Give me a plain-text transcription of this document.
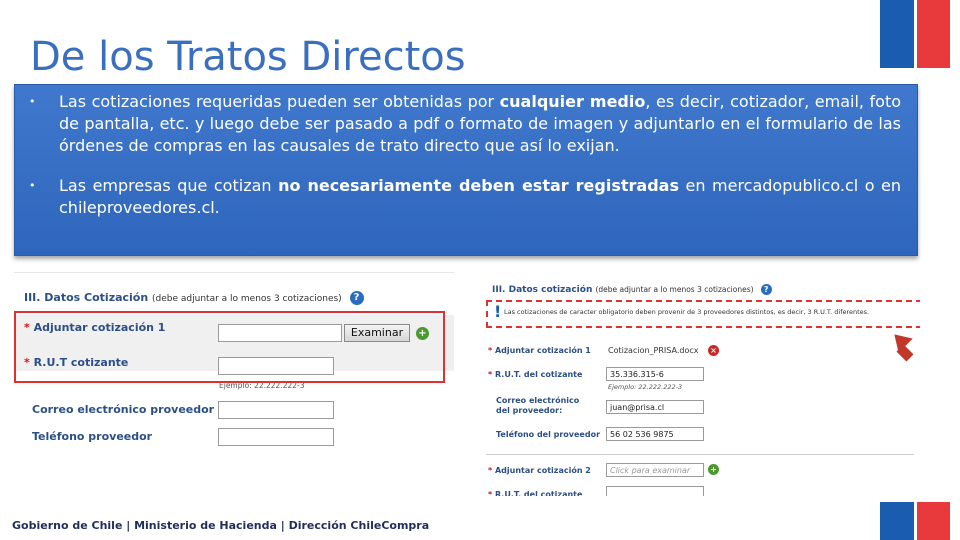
De los Tratos Directos
• Las cotizaciones requeridas pueden ser obtenidas por cualquier medio, es decir, cotizador, email, foto de pantalla, etc. y luego debe ser pasado a pdf o formato de imagen y adjuntarlo en el formulario de las órdenes de compras en las causales de trato directo que así lo exijan.
• Las empresas que cotizan no necesariamente deben estar registradas en mercadopublico.cl o en chileproveedores.cl.
III. Datos Cotización (debe adjuntar a lo menos 3 cotizaciones) ?
* Adjuntar cotización 1	Examinar	+
* R.U.T cotizante
Ejemplo: 22.222.222-3
Correo electrónico proveedor
Teléfono proveedor
III. Datos cotización (debe adjuntar a lo menos 3 cotizaciones) ?
! Las cotizaciones de caracter obligatorio deben provenir de 3 proveedores distintos, es decir, 3 R.U.T. diferentes.
* Adjuntar cotización 1 Cotizacion_PRISA.docx ×
* R.U.T. del cotizante	35.336.315-6
Ejemplo: 22.222.222-3
Correo electrónico
del proveedor:	juan@prisa.cl
Teléfono del proveedor	56 02 536 9875
* Adjuntar cotización 2	Click para examinar	+
* R.U.T. del cotizante
Gobierno de Chile | Ministerio de Hacienda | Dirección ChileCompra
